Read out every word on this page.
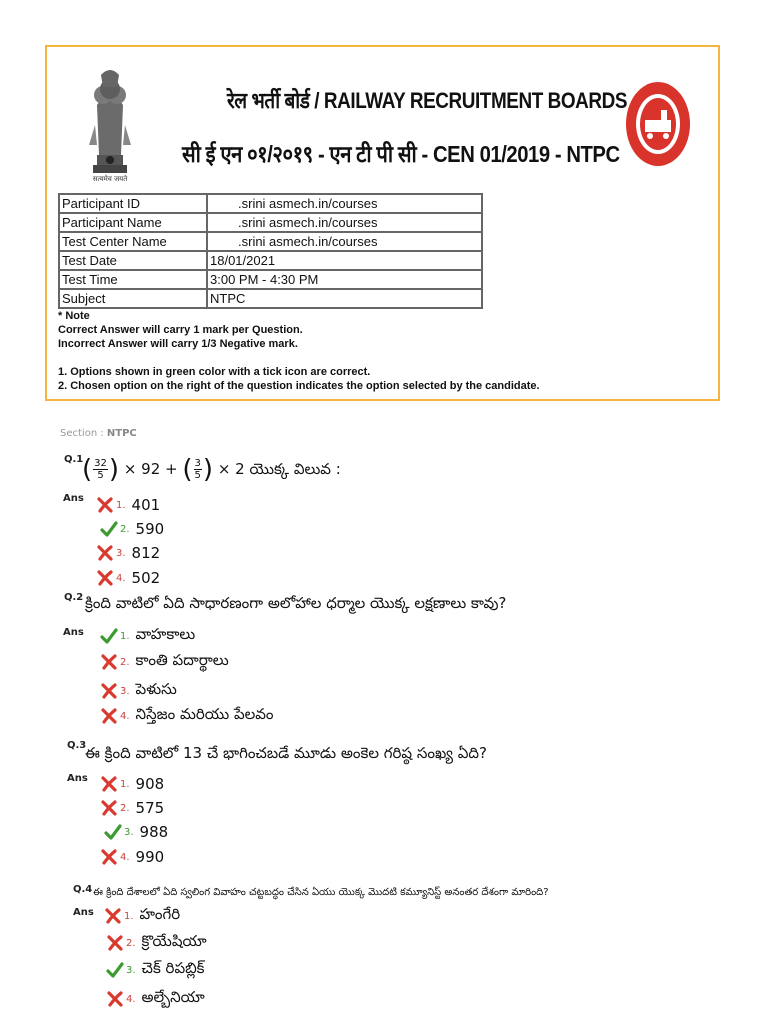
सत्यमेव जयते
रेल भर्ती बोर्ड / RAILWAY RECRUITMENT BOARDS
सी ई एन ०१/२०१९ - एन टी पी सी - CEN 01/2019 - NTPC
Participant ID	.srini asmech.in/courses
Participant Name	.srini asmech.in/courses
Test Center Name	.srini asmech.in/courses
Test Date	18/01/2021
Test Time	3:00 PM - 4:30 PM
Subject	NTPC
* Note
Correct Answer will carry 1 mark per Question.
Incorrect Answer will carry 1/3 Negative mark.
1. Options shown in green color with a tick icon are correct.
2. Chosen option on the right of the question indicates the option selected by the candidate.
Section : NTPC
Q.1
( $\frac{32}{5}$ ) × 92 + ( $\frac{3}{5}$ ) × 2 యొక్క విలువ :
Ans
1. 401
2. 590
3. 812
4. 502
Q.2 క్రింది వాటిలో ఏది సాధారణంగా అలోహాల ధర్మాల యొక్క లక్షణాలు కావు?
Ans	1. వాహకాలు
2. కాంతి పదార్థాలు
3. పెళుసు
4. నిస్తేజం మరియు పేలవం
Q.3
ఈ క్రింది వాటిలో 13 చే భాగించబడే మూడు అంకెల గరిష్ఠ సంఖ్య ఏది?
Ans	1. 908
2. 575
3. 988
4. 990
Q.4 ఈ క్రింది దేశాలలో ఏది స్వలింగ వివాహం చట్టబద్ధం చేసిన ఏయు యొక్క మొదటి కమ్యూనిస్ట్ అనంతర దేశంగా మారింది?
Ans	1. హంగేరి
2. క్రొయేషియా
3. చెక్ రిపబ్లిక్
4. అల్బేనియా
